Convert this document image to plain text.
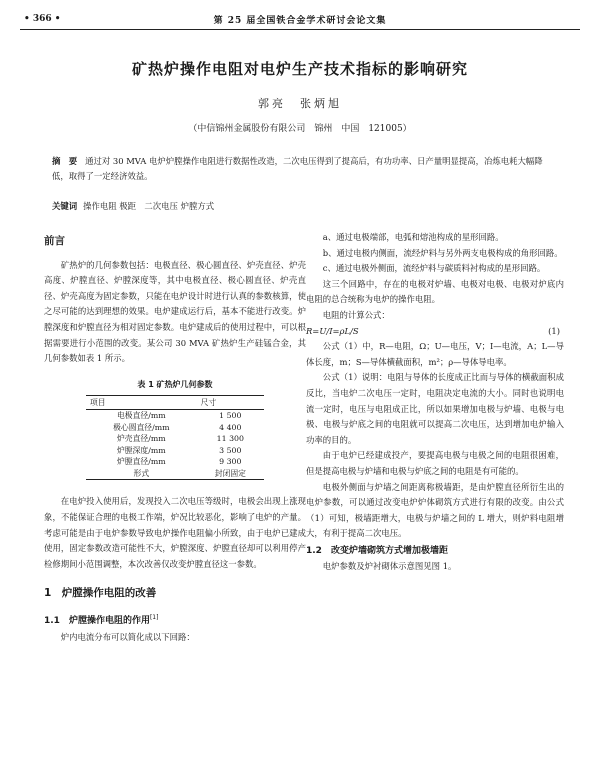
• 366 •	第 25 届全国铁合金学术研讨会论文集
矿热炉操作电阻对电炉生产技术指标的影响研究
郭亮　张炳旭
（中信锦州金属股份有限公司　锦州　中国　121005）
摘　要 通过对 30 MVA 电炉炉膛操作电阻进行数据性改造，二次电压得到了提高后，有功功率、日产量明显提高，冶炼电耗大幅降低，取得了一定经济效益。
关键词 操作电阻 极距　二次电压 炉膛方式
前言

矿热炉的几何参数包括：电极直径、极心圆直径、炉壳直径、炉壳高度、炉膛直径、炉膛深度等，其中电极直径、极心圆直径、炉壳直径、炉壳高度为固定参数，只能在电炉设计时进行认真的参数核算，使之尽可能的达到理想的效果。电炉建成运行后，基本不能进行改变。炉膛深度和炉膛直径为相对固定参数。电炉建成后的使用过程中，可以根据需要进行小范围的改变。某公司 30 MVA 矿热炉生产硅锰合金，其几何参数如表 1 所示。

表 1 矿热炉几何参数
项目	尺寸
电极直径/mm	1 500
极心圆直径/mm	4 400
炉壳直径/mm	11 300
炉膛深度/mm	3 500
炉膛直径/mm	9 300
形式	封闭固定

在电炉投入使用后，发现投入二次电压等级时，电极会出现上涨现象，不能保证合理的电极工作端，炉况比较恶化，影响了电炉的产量。考虑可能是由于电炉参数导致电炉操作电阻偏小所致，由于电炉已建成使用，固定参数改造可能性不大，炉膛深度、炉膛直径却可以利用停产检修期间小范围调整，本次改善仅改变炉膛直径这一参数。

1　炉膛操作电阻的改善
1.1　炉膛操作电阻的作用[1]

炉内电流分布可以简化成以下回路：

a、通过电极端部，电弧和熔池构成的星形回路。

b、通过电极内侧面，流经炉料与另外两支电极构成的角形回路。

c、通过电极外侧面，流经炉料与碳质料衬构成的星形回路。

这三个回路中，存在的电极对炉墙、电极对电极、电极对炉底内电阻的总合统称为电炉的操作电阻。

电阻的计算公式：

R=U/I=ρL/S	(1)

公式（1）中，R—电阻，Ω；U—电压，V；I—电流，A；L—导体长度，m；S—导体横截面积，m²；ρ—导体导电率。

公式（1）说明：电阻与导体的长度成正比而与导体的横截面积成反比，当电炉二次电压一定时，电阻决定电流的大小。同时也说明电流一定时，电压与电阻成正比，所以如果增加电极与炉墙、电极与电极、电极与炉底之间的电阻就可以提高二次电压，达到增加电炉输入功率的目的。

由于电炉已经建成投产，要提高电极与电极之间的电阻很困难，但是提高电极与炉墙和电极与炉底之间的电阻是有可能的。

电极外侧面与炉墙之间距离称极墙距，是由炉膛直径所衍生出的电炉参数，可以通过改变电炉炉体砌筑方式进行有限的改变。由公式（1）可知，极墙距增大，电极与炉墙之间的 L 增大，则炉料电阻增大，有利于提高二次电压。

1.2　改变炉墙砌筑方式增加极墙距

电炉参数及炉衬砌体示意图见图 1。
